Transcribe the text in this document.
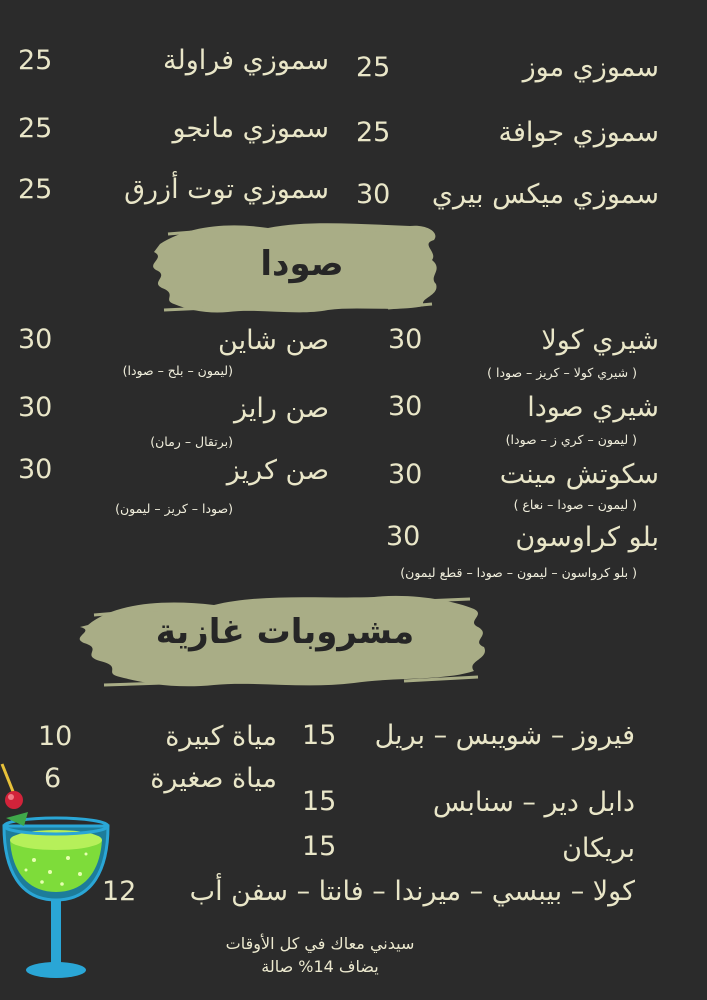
سموزي موز
25
سموزي جوافة
25
سموزي ميكس بيري
30
سموزي فراولة
25
سموزي مانجو
25
سموزي توت أزرق
25
صودا
شيري كولا
30
( شيري كولا – كريز – صودا )
شيري صودا
30
( ليمون – كري ز – صودا)
سكوتش مينت
30
( ليمون – صودا – نعاع )
بلو كراوسون
30
( بلو كرواسون – ليمون – صودا – قطع ليمون)
صن شاين
30
(ليمون – بلح – صودا)
صن رايز
30
(برتقال – رمان)
صن كريز
30
(صودا – كريز – ليمون)
مشروبات غازية
فيروز – شويبس – بريل
15
دابل دير – سنابس
15
بريكان
15
كولا – بيبسي – ميرندا – فانتا – سفن أب
12
مياة كبيرة
10
مياة صغيرة
6
سيدني معاك في كل الأوقات
يضاف 14% صالة
